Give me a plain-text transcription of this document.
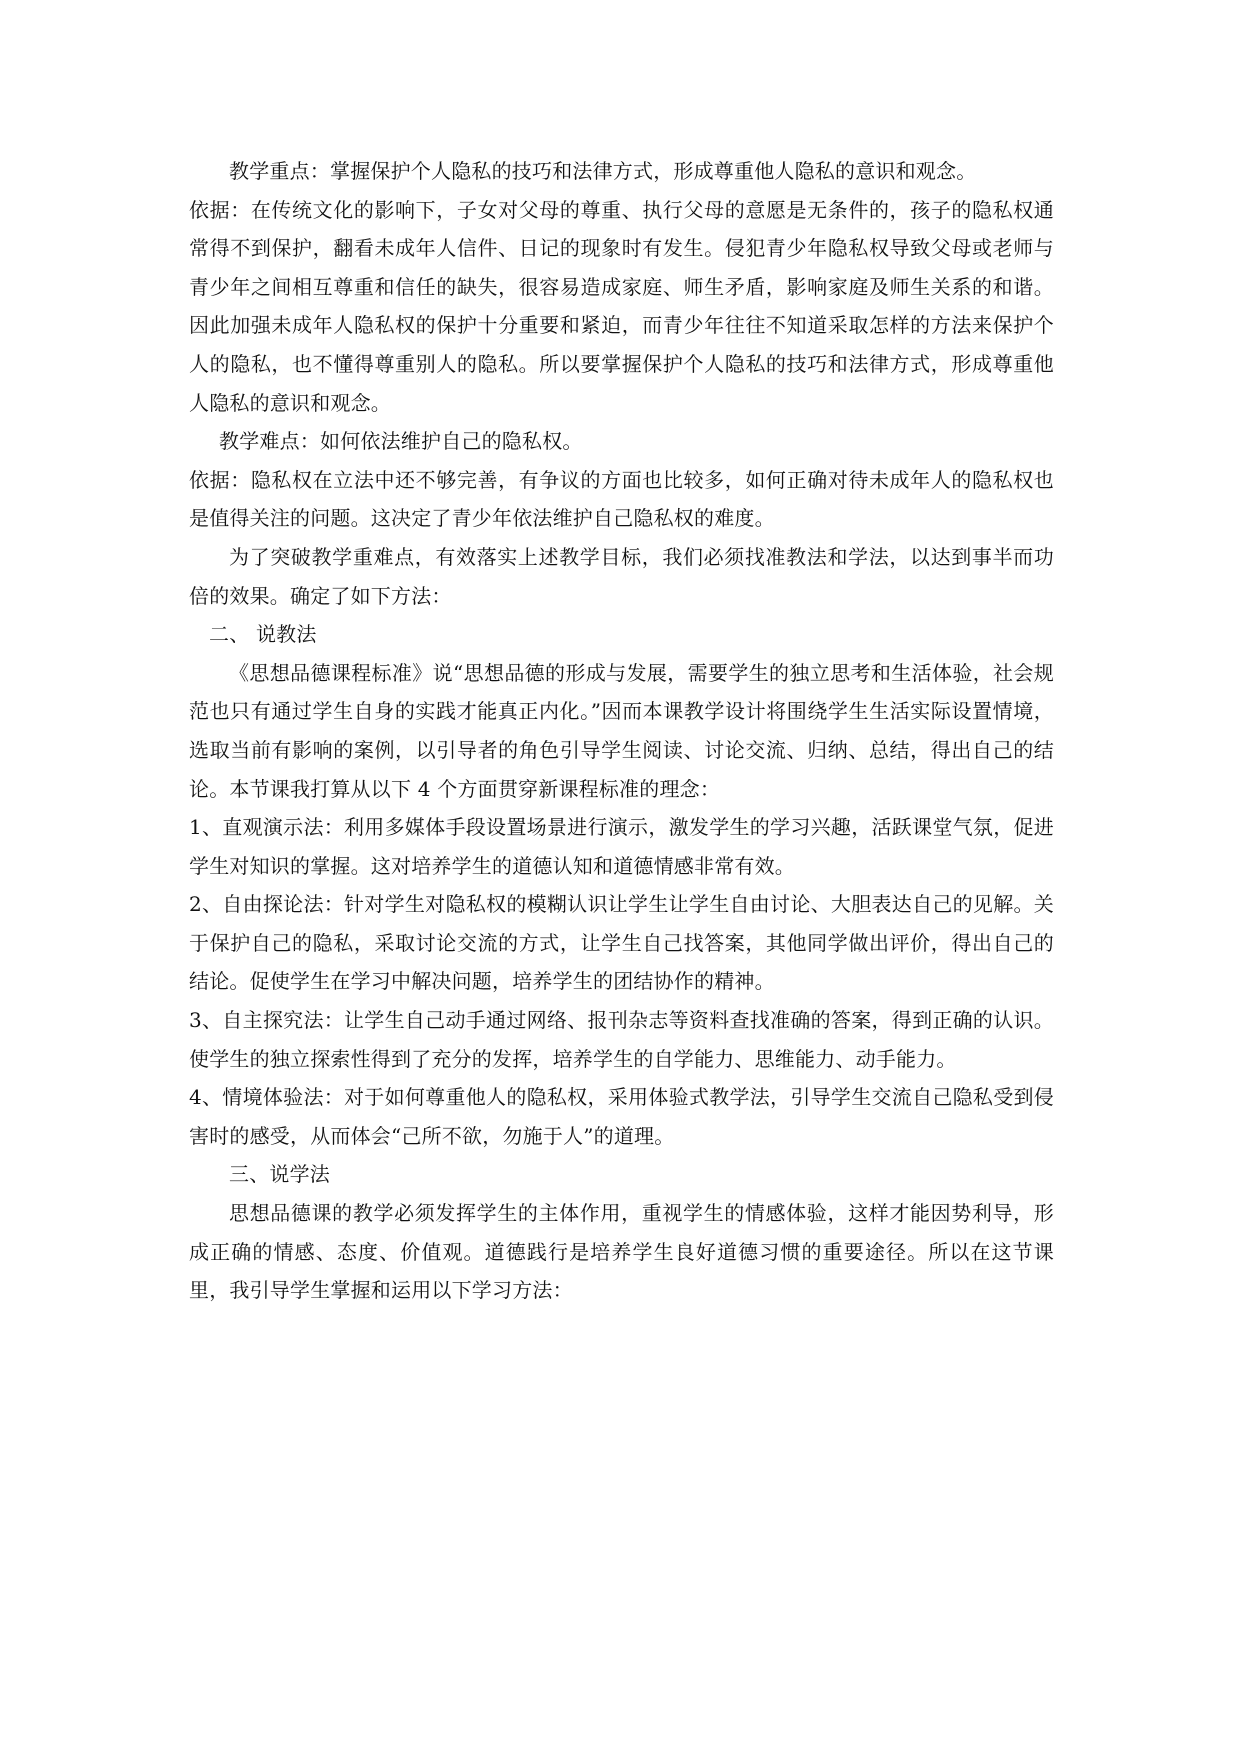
教学重点：掌握保护个人隐私的技巧和法律方式，形成尊重他人隐私的意识和观念。

依据：在传统文化的影响下，子女对父母的尊重、执行父母的意愿是无条件的，孩子的隐私权通常得不到保护，翻看未成年人信件、日记的现象时有发生。侵犯青少年隐私权导致父母或老师与青少年之间相互尊重和信任的缺失，很容易造成家庭、师生矛盾，影响家庭及师生关系的和谐。因此加强未成年人隐私权的保护十分重要和紧迫，而青少年往往不知道采取怎样的方法来保护个人的隐私，也不懂得尊重别人的隐私。所以要掌握保护个人隐私的技巧和法律方式，形成尊重他人隐私的意识和观念。

教学难点：如何依法维护自己的隐私权。

依据：隐私权在立法中还不够完善，有争议的方面也比较多，如何正确对待未成年人的隐私权也是值得关注的问题。这决定了青少年依法维护自己隐私权的难度。

为了突破教学重难点，有效落实上述教学目标，我们必须找准教法和学法，以达到事半而功倍的效果。确定了如下方法：

二、 说教法

《思想品德课程标准》说“思想品德的形成与发展，需要学生的独立思考和生活体验，社会规范也只有通过学生自身的实践才能真正内化。”因而本课教学设计将围绕学生生活实际设置情境，选取当前有影响的案例，以引导者的角色引导学生阅读、讨论交流、归纳、总结，得出自己的结论。本节课我打算从以下 4 个方面贯穿新课程标准的理念：

1、直观演示法：利用多媒体手段设置场景进行演示，激发学生的学习兴趣，活跃课堂气氛，促进学生对知识的掌握。这对培养学生的道德认知和道德情感非常有效。

2、自由探论法：针对学生对隐私权的模糊认识让学生让学生自由讨论、大胆表达自己的见解。关于保护自己的隐私，采取讨论交流的方式，让学生自己找答案，其他同学做出评价，得出自己的结论。促使学生在学习中解决问题，培养学生的团结协作的精神。

3、自主探究法：让学生自己动手通过网络、报刊杂志等资料查找准确的答案，得到正确的认识。使学生的独立探索性得到了充分的发挥，培养学生的自学能力、思维能力、动手能力。

4、情境体验法：对于如何尊重他人的隐私权，采用体验式教学法，引导学生交流自己隐私受到侵害时的感受，从而体会“己所不欲，勿施于人”的道理。

三、说学法

思想品德课的教学必须发挥学生的主体作用，重视学生的情感体验，这样才能因势利导，形成正确的情感、态度、价值观。道德践行是培养学生良好道德习惯的重要途径。所以在这节课里，我引导学生掌握和运用以下学习方法：
